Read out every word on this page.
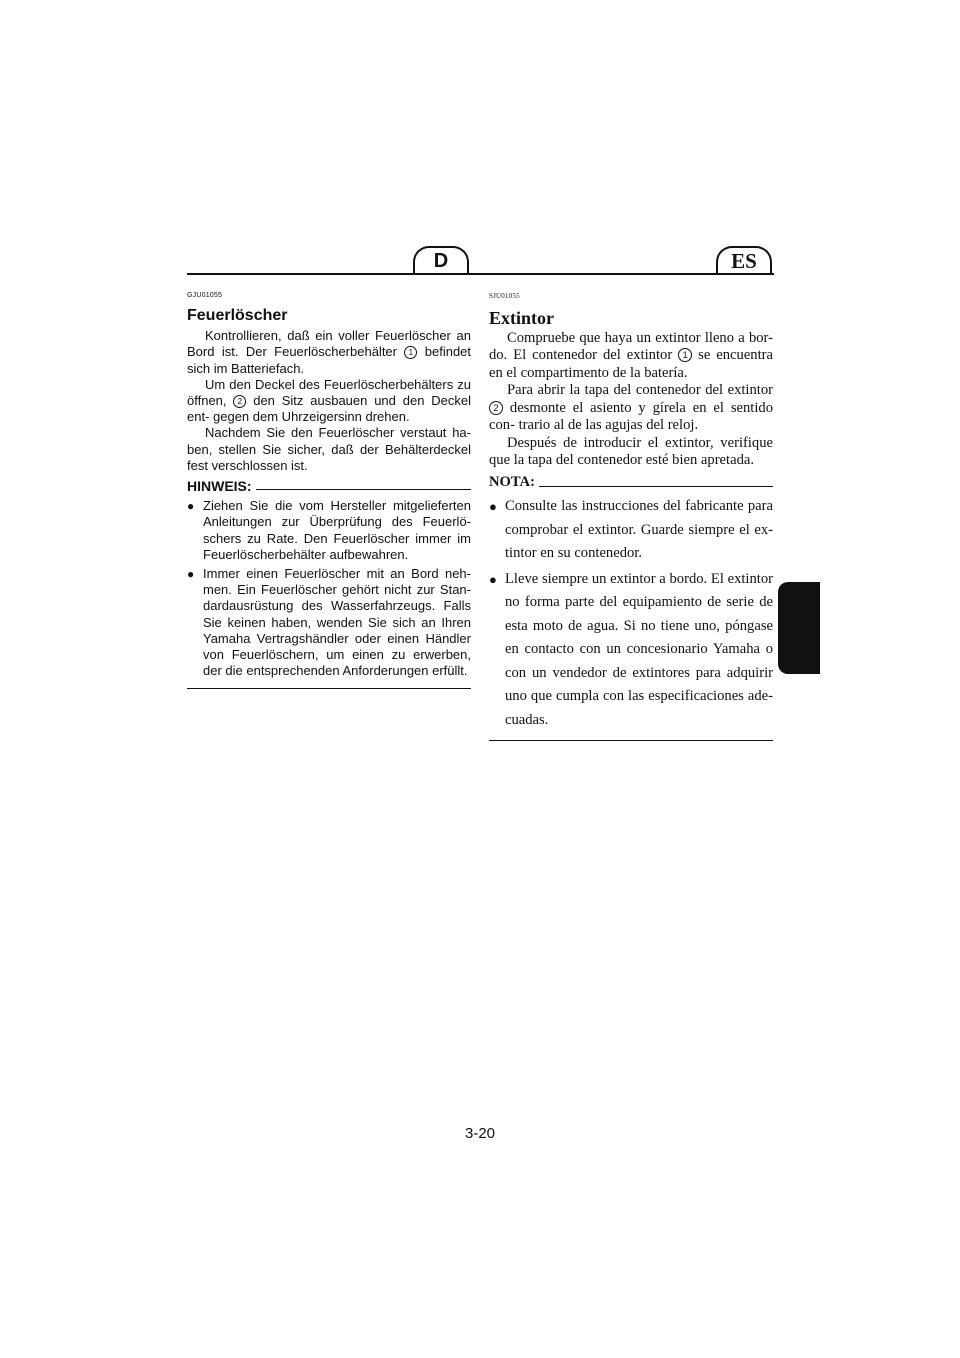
D	ES
GJU01055
Feuerlöscher

Kontrollieren, daß ein voller Feuerlöscher an Bord ist. Der Feuerlöscherbehälter 1 befindet sich im Batteriefach.

Um den Deckel des Feuerlöscherbehälters zu öffnen, 2 den Sitz ausbauen und den Deckel ent- gegen dem Uhrzeigersinn drehen.

Nachdem Sie den Feuerlöscher verstaut ha- ben, stellen Sie sicher, daß der Behälterdeckel fest verschlossen ist.

HINWEIS:
● Ziehen Sie die vom Hersteller mitgelieferten Anleitungen zur Überprüfung des Feuerlö- schers zu Rate. Den Feuerlöscher immer im Feuerlöscherbehälter aufbewahren.
● Immer einen Feuerlöscher mit an Bord neh- men. Ein Feuerlöscher gehört nicht zur Stan- dardausrüstung des Wasserfahrzeugs. Falls Sie keinen haben, wenden Sie sich an Ihren Yamaha Vertragshändler oder einen Händler von Feuerlöschern, um einen zu erwerben, der die entsprechenden Anforderungen erfüllt.
SJU01055
Extintor

Compruebe que haya un extintor lleno a bor- do. El contenedor del extintor 1 se encuentra en el compartimento de la batería.

Para abrir la tapa del contenedor del extintor 2 desmonte el asiento y gírela en el sentido con- trario al de las agujas del reloj.

Después de introducir el extintor, verifique que la tapa del contenedor esté bien apretada.

NOTA:
● Consulte las instrucciones del fabricante para comprobar el extintor. Guarde siempre el ex- tintor en su contenedor.
● Lleve siempre un extintor a bordo. El extintor no forma parte del equipamiento de serie de esta moto de agua. Si no tiene uno, póngase en contacto con un concesionario Yamaha o con un vendedor de extintores para adquirir uno que cumpla con las especificaciones ade- cuadas.
3-20
